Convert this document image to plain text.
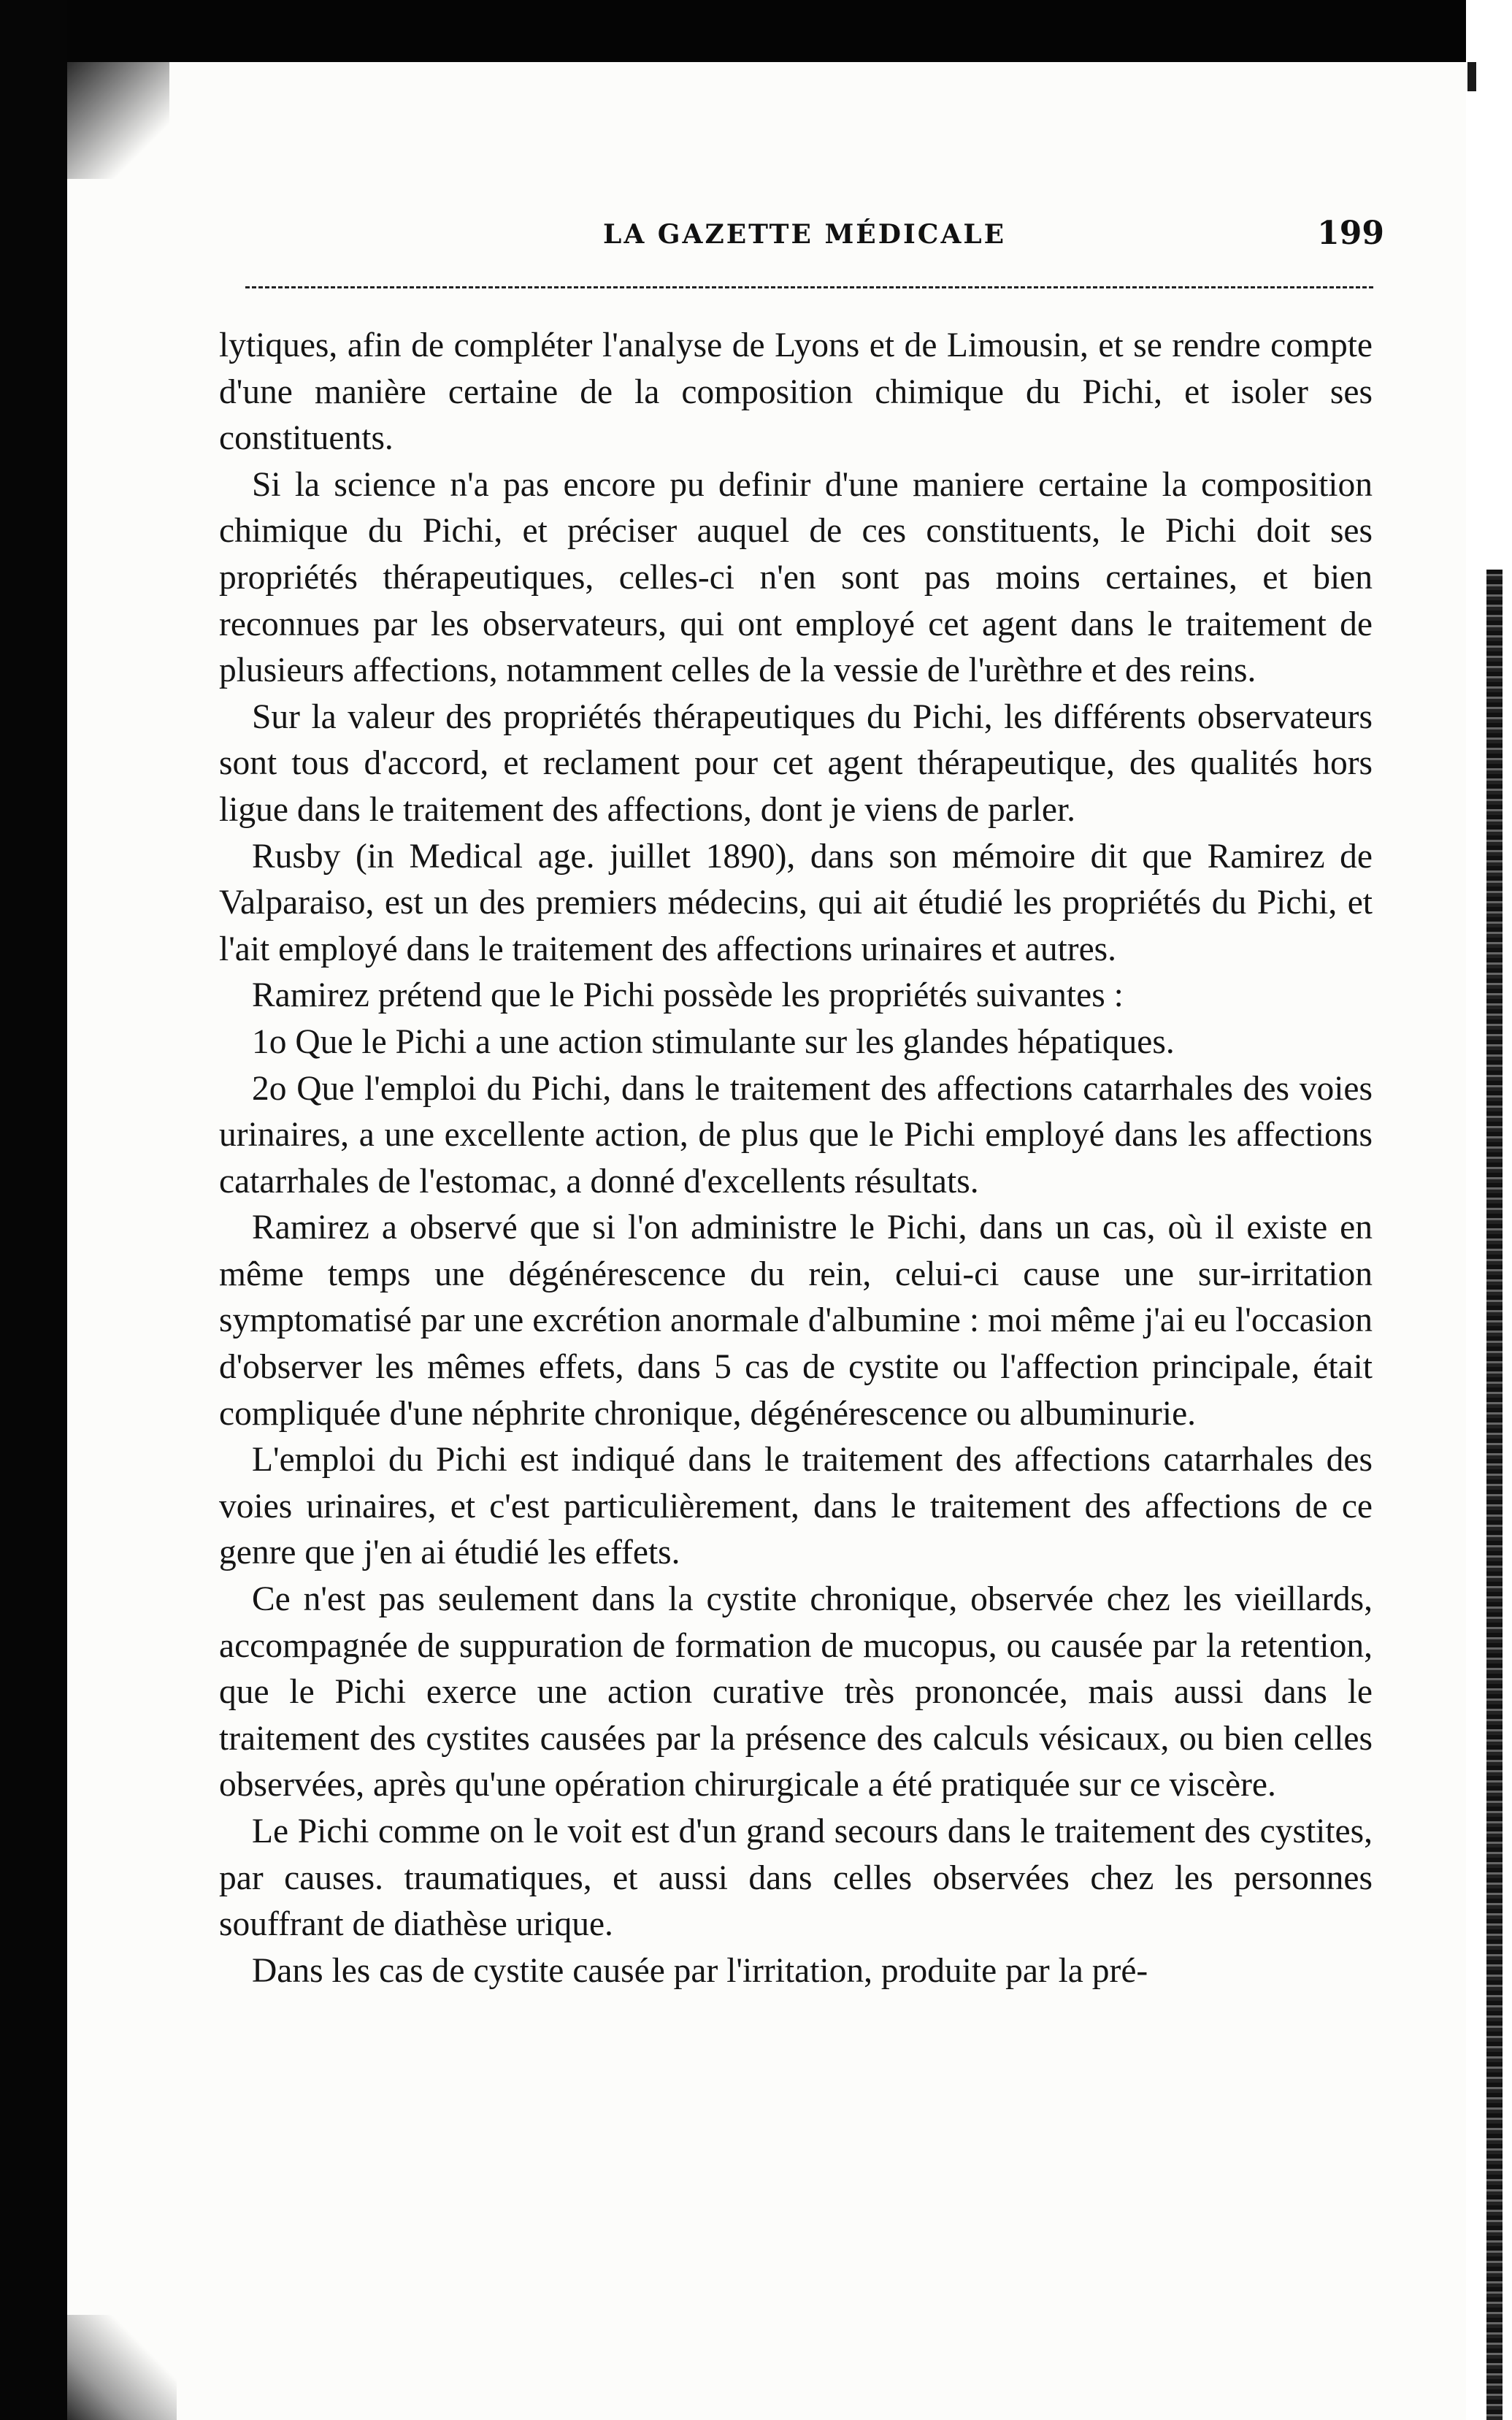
LA GAZETTE MÉDICALE	199

lytiques, afin de compléter l'analyse de Lyons et de Limousin, et se rendre compte d'une manière certaine de la composition chimique du Pichi, et isoler ses constituents.

Si la science n'a pas encore pu definir d'une maniere certaine la composition chimique du Pichi, et préciser auquel de ces constituents, le Pichi doit ses propriétés thérapeutiques, celles-ci n'en sont pas moins certaines, et bien reconnues par les observateurs, qui ont employé cet agent dans le traitement de plusieurs affections, notamment celles de la vessie de l'urèthre et des reins.

Sur la valeur des propriétés thérapeutiques du Pichi, les différents observateurs sont tous d'accord, et reclament pour cet agent thérapeutique, des qualités hors ligue dans le traitement des affections, dont je viens de parler.

Rusby (in Medical age. juillet 1890), dans son mémoire dit que Ramirez de Valparaiso, est un des premiers médecins, qui ait étudié les propriétés du Pichi, et l'ait employé dans le traitement des affections urinaires et autres.

Ramirez prétend que le Pichi possède les propriétés suivantes :

1o Que le Pichi a une action stimulante sur les glandes hépatiques.

2o Que l'emploi du Pichi, dans le traitement des affections catarrhales des voies urinaires, a une excellente action, de plus que le Pichi employé dans les affections catarrhales de l'estomac, a donné d'excellents résultats.

Ramirez a observé que si l'on administre le Pichi, dans un cas, où il existe en même temps une dégénérescence du rein, celui-ci cause une sur-irritation symptomatisé par une excrétion anormale d'albumine : moi même j'ai eu l'occasion d'observer les mêmes effets, dans 5 cas de cystite ou l'affection principale, était compliquée d'une néphrite chronique, dégénérescence ou albuminurie.

L'emploi du Pichi est indiqué dans le traitement des affections catarrhales des voies urinaires, et c'est particulièrement, dans le traitement des affections de ce genre que j'en ai étudié les effets.

Ce n'est pas seulement dans la cystite chronique, observée chez les vieillards, accompagnée de suppuration de formation de mucopus, ou causée par la retention, que le Pichi exerce une action curative très prononcée, mais aussi dans le traitement des cystites causées par la présence des calculs vésicaux, ou bien celles observées, après qu'une opération chirurgicale a été pratiquée sur ce viscère.

Le Pichi comme on le voit est d'un grand secours dans le traitement des cystites, par causes. traumatiques, et aussi dans celles observées chez les personnes souffrant de diathèse urique.

Dans les cas de cystite causée par l'irritation, produite par la pré-
